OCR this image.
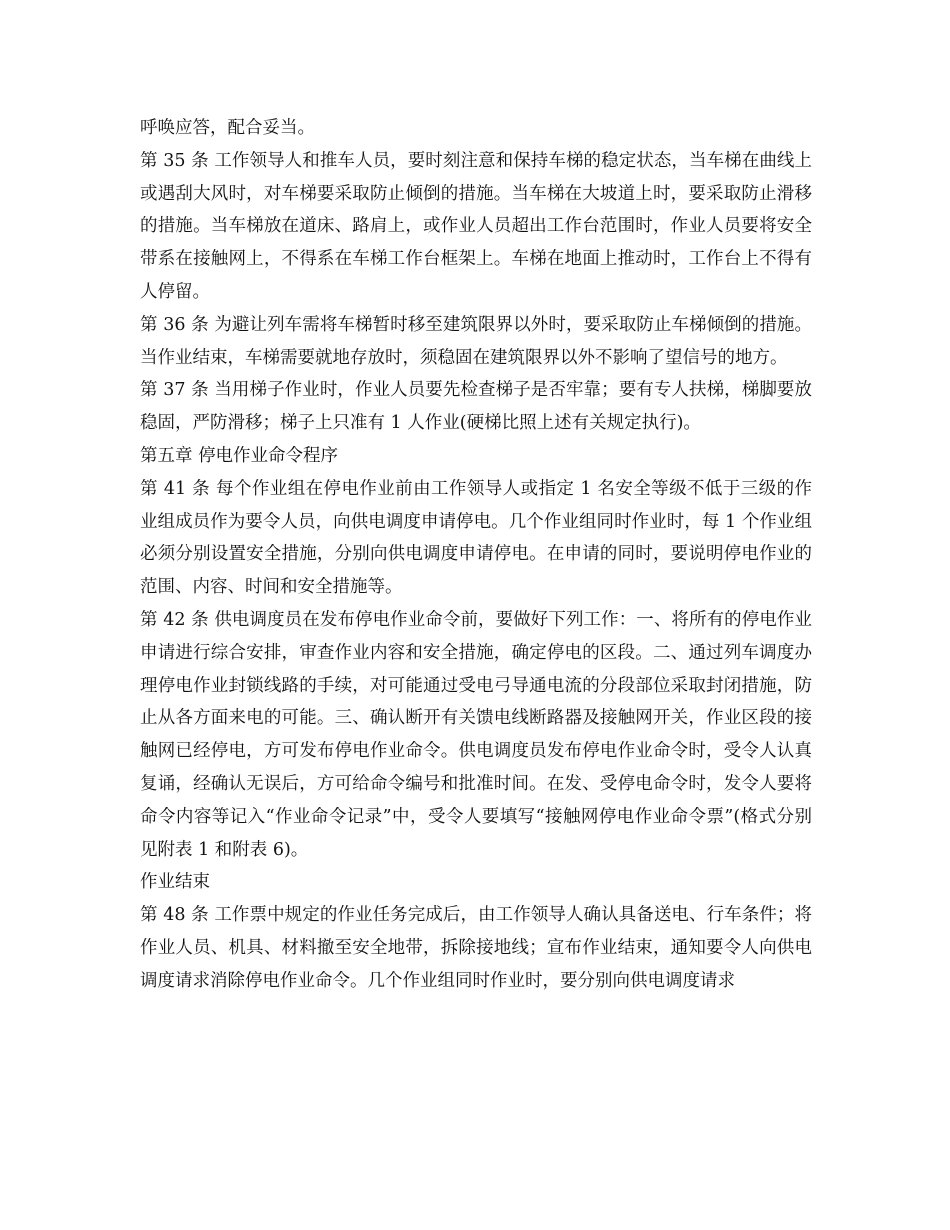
呼唤应答，配合妥当。

第 35 条 工作领导人和推车人员，要时刻注意和保持车梯的稳定状态，当车梯在曲线上或遇刮大风时，对车梯要采取防止倾倒的措施。当车梯在大坡道上时，要采取防止滑移的措施。当车梯放在道床、路肩上，或作业人员超出工作台范围时，作业人员要将安全带系在接触网上，不得系在车梯工作台框架上。车梯在地面上推动时，工作台上不得有人停留。

第 36 条 为避让列车需将车梯暂时移至建筑限界以外时，要采取防止车梯倾倒的措施。当作业结束，车梯需要就地存放时，须稳固在建筑限界以外不影响了望信号的地方。

第 37 条 当用梯子作业时，作业人员要先检查梯子是否牢靠；要有专人扶梯，梯脚要放稳固，严防滑移；梯子上只准有 1 人作业(硬梯比照上述有关规定执行)。

第五章 停电作业命令程序

第 41 条 每个作业组在停电作业前由工作领导人或指定 1 名安全等级不低于三级的作业组成员作为要令人员，向供电调度申请停电。几个作业组同时作业时，每 1 个作业组必须分别设置安全措施，分别向供电调度申请停电。在申请的同时，要说明停电作业的范围、内容、时间和安全措施等。

第 42 条 供电调度员在发布停电作业命令前，要做好下列工作：一、将所有的停电作业申请进行综合安排，审查作业内容和安全措施，确定停电的区段。二、通过列车调度办理停电作业封锁线路的手续，对可能通过受电弓导通电流的分段部位采取封闭措施，防止从各方面来电的可能。三、确认断开有关馈电线断路器及接触网开关，作业区段的接触网已经停电，方可发布停电作业命令。供电调度员发布停电作业命令时，受令人认真复诵，经确认无误后，方可给命令编号和批准时间。在发、受停电命令时，发令人要将命令内容等记入“作业命令记录”中，受令人要填写“接触网停电作业命令票”(格式分别见附表 1 和附表 6)。

作业结束

第 48 条 工作票中规定的作业任务完成后，由工作领导人确认具备送电、行车条件；将作业人员、机具、材料撤至安全地带，拆除接地线；宣布作业结束，通知要令人向供电调度请求消除停电作业命令。几个作业组同时作业时，要分别向供电调度请求
